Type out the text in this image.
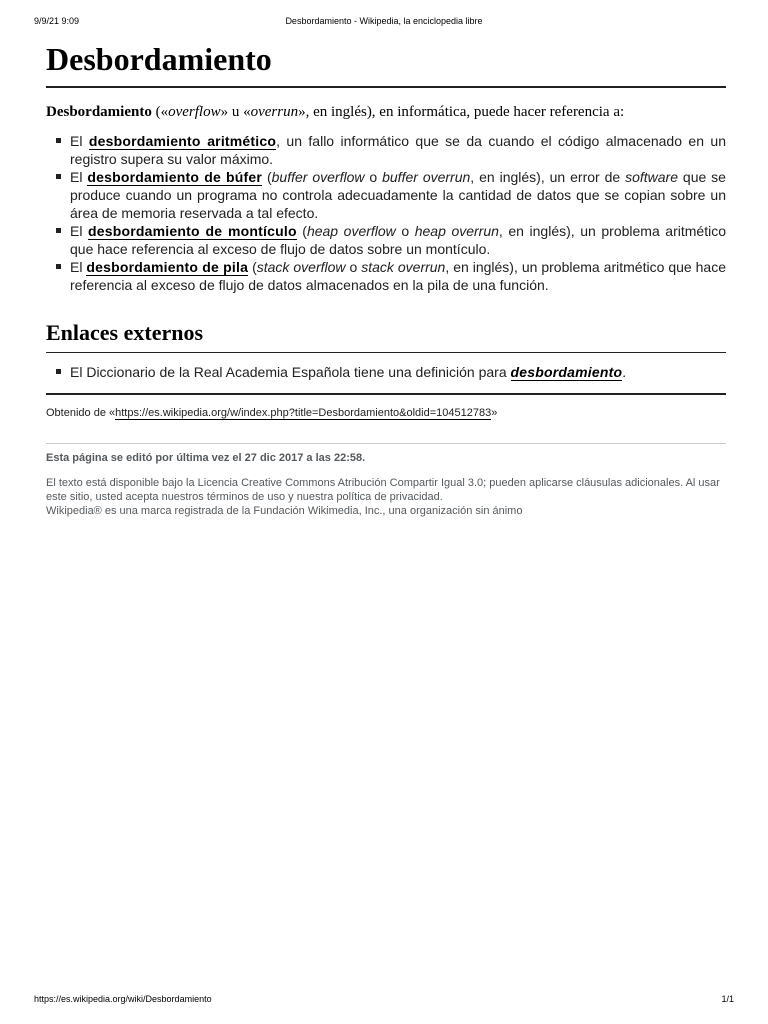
9/9/21 9:09	Desbordamiento - Wikipedia, la enciclopedia libre
Desbordamiento

Desbordamiento («overflow» u «overrun», en inglés), en informática, puede hacer referencia a:

El desbordamiento aritmético, un fallo informático que se da cuando el código almacenado en un registro supera su valor máximo.
El desbordamiento de búfer (buffer overflow o buffer overrun, en inglés), un error de software que se produce cuando un programa no controla adecuadamente la cantidad de datos que se copian sobre un área de memoria reservada a tal efecto.
El desbordamiento de montículo (heap overflow o heap overrun, en inglés), un problema aritmético que hace referencia al exceso de flujo de datos sobre un montículo.
El desbordamiento de pila (stack overflow o stack overrun, en inglés), un problema aritmético que hace referencia al exceso de flujo de datos almacenados en la pila de una función.
Enlaces externos
El Diccionario de la Real Academia Española tiene una definición para desbordamiento.

Obtenido de «https://es.wikipedia.org/w/index.php?title=Desbordamiento&oldid=104512783»

Esta página se editó por última vez el 27 dic 2017 a las 22:58.

El texto está disponible bajo la Licencia Creative Commons Atribución Compartir Igual 3.0; pueden aplicarse cláusulas adicionales. Al usar este sitio, usted acepta nuestros términos de uso y nuestra política de privacidad.
Wikipedia® es una marca registrada de la Fundación Wikimedia, Inc., una organización sin ánimo

https://es.wikipedia.org/wiki/Desbordamiento	1/1
